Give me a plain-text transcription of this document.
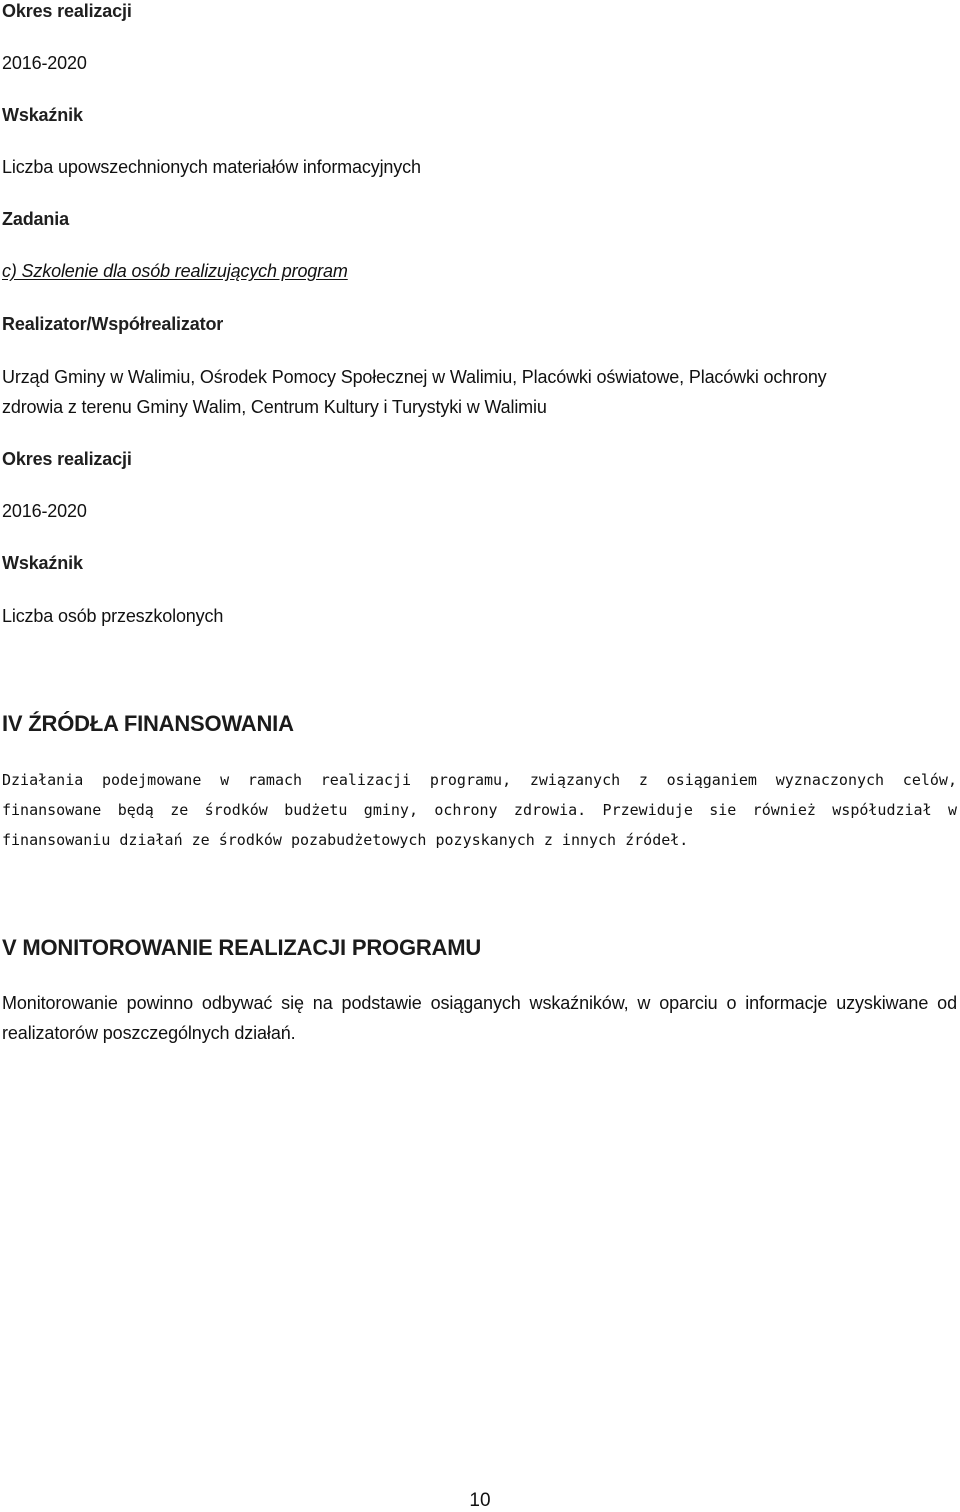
Okres realizacji

2016-2020

Wskaźnik

Liczba upowszechnionych materiałów informacyjnych

Zadania

c) Szkolenie dla osób realizujących program

Realizator/Współrealizator

Urząd Gminy w Walimiu, Ośrodek Pomocy Społecznej w Walimiu, Placówki oświatowe, Placówki ochrony

zdrowia z terenu Gminy Walim, Centrum Kultury i Turystyki w Walimiu

Okres realizacji

2016-2020

Wskaźnik

Liczba osób przeszkolonych

IV ŹRÓDŁA FINANSOWANIA

Działania podejmowane w ramach realizacji programu, związanych z osiąganiem wyznaczonych celów, finansowane będą ze środków budżetu gminy, ochrony zdrowia. Przewiduje sie również współudział w finansowaniu działań ze środków pozabudżetowych pozyskanych z innych źródeł.

V MONITOROWANIE REALIZACJI PROGRAMU

Monitorowanie powinno odbywać się na podstawie osiąganych wskaźników, w oparciu o informacje uzyskiwane od realizatorów poszczególnych działań.

10
